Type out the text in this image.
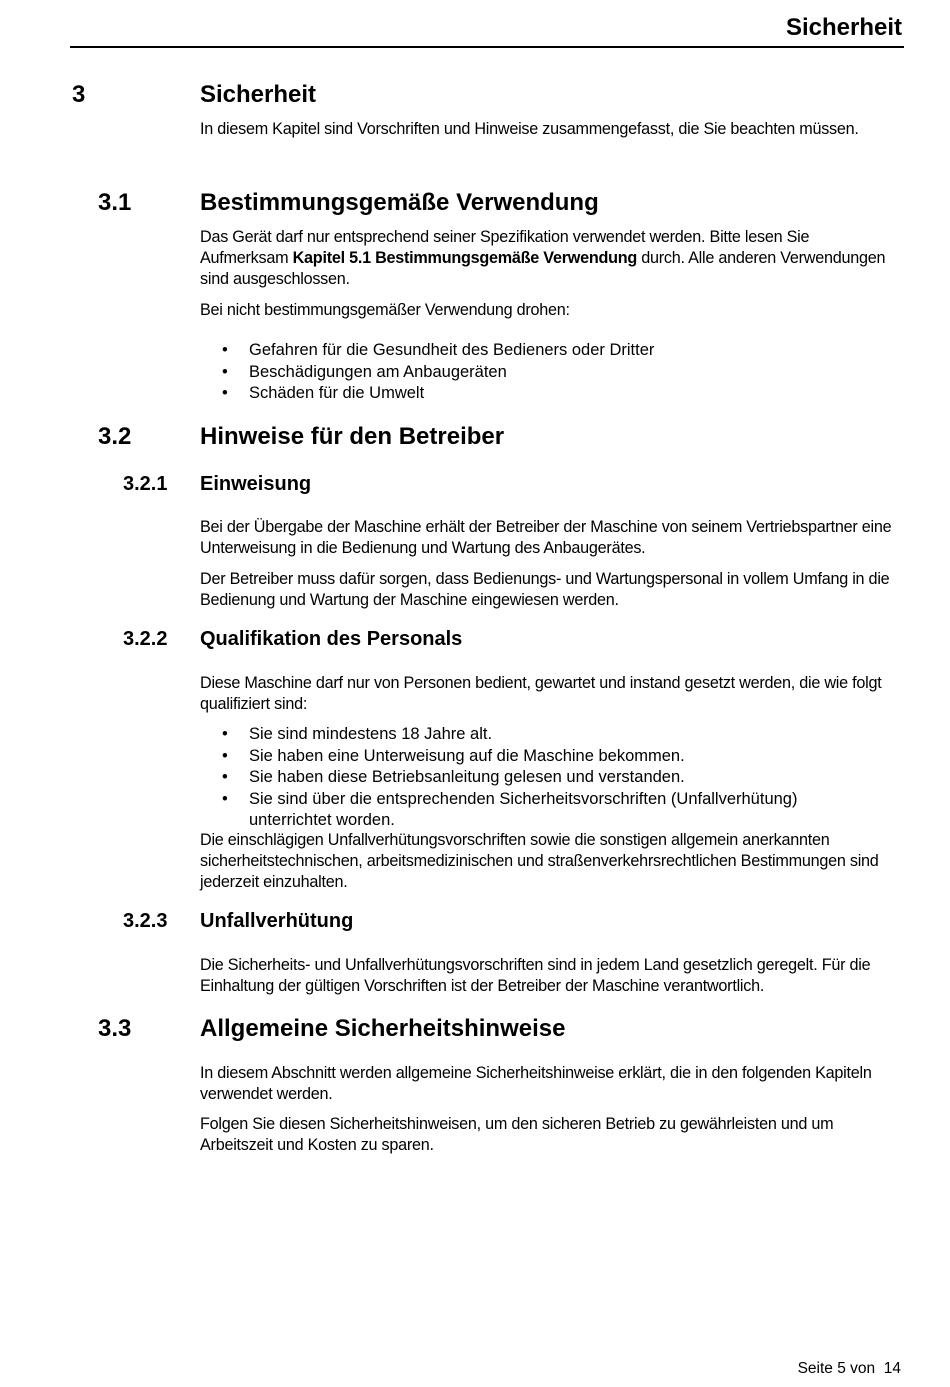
Sicherheit
3	Sicherheit

In diesem Kapitel sind Vorschriften und Hinweise zusammengefasst, die Sie beachten müssen.

3.1	Bestimmungsgemäße Verwendung

Das Gerät darf nur entsprechend seiner Spezifikation verwendet werden. Bitte lesen Sie Aufmerksam Kapitel 5.1 Bestimmungsgemäße Verwendung durch. Alle anderen Verwendungen sind ausgeschlossen.

Bei nicht bestimmungsgemäßer Verwendung drohen:

• Gefahren für die Gesundheit des Bedieners oder Dritter
• Beschädigungen am Anbaugeräten
• Schäden für die Umwelt
3.2	Hinweise für den Betreiber
3.2.1 Einweisung

Bei der Übergabe der Maschine erhält der Betreiber der Maschine von seinem Vertriebspartner eine Unterweisung in die Bedienung und Wartung des Anbaugerätes.

Der Betreiber muss dafür sorgen, dass Bedienungs- und Wartungspersonal in vollem Umfang in die Bedienung und Wartung der Maschine eingewiesen werden.

3.2.2 Qualifikation des Personals

Diese Maschine darf nur von Personen bedient, gewartet und instand gesetzt werden, die wie folgt qualifiziert sind:

• Sie sind mindestens 18 Jahre alt.
• Sie haben eine Unterweisung auf die Maschine bekommen.
• Sie haben diese Betriebsanleitung gelesen und verstanden.
• Sie sind über die entsprechenden Sicherheitsvorschriften (Unfallverhütung) unterrichtet worden.

Die einschlägigen Unfallverhütungsvorschriften sowie die sonstigen allgemein anerkannten sicherheitstechnischen, arbeitsmedizinischen und straßenverkehrsrechtlichen Bestimmungen sind jederzeit einzuhalten.

3.2.3 Unfallverhütung

Die Sicherheits- und Unfallverhütungsvorschriften sind in jedem Land gesetzlich geregelt. Für die Einhaltung der gültigen Vorschriften ist der Betreiber der Maschine verantwortlich.

3.3	Allgemeine Sicherheitshinweise

In diesem Abschnitt werden allgemeine Sicherheitshinweise erklärt, die in den folgenden Kapiteln verwendet werden.

Folgen Sie diesen Sicherheitshinweisen, um den sicheren Betrieb zu gewährleisten und um Arbeitszeit und Kosten zu sparen.

Seite 5 von  14
